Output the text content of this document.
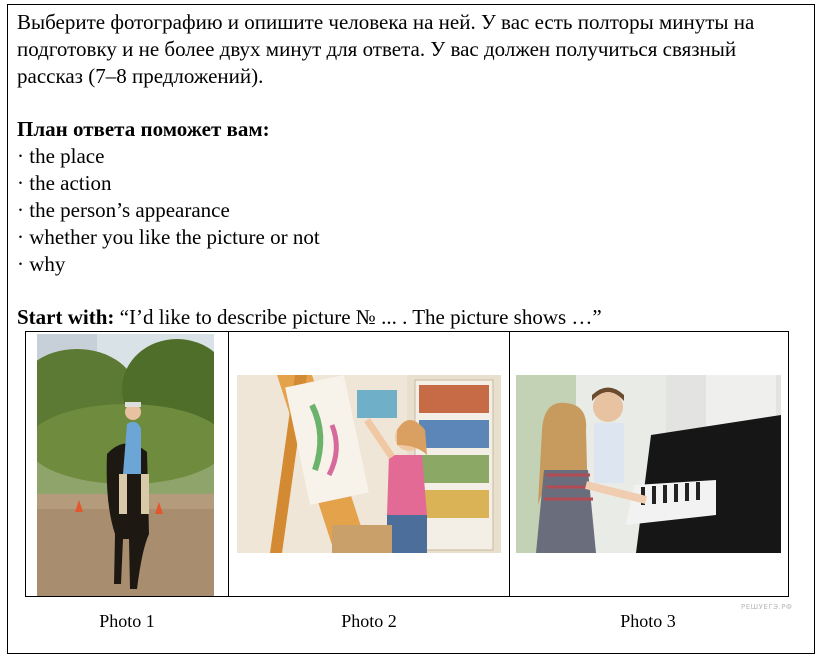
Выберите фотографию и опишите человека на ней. У вас есть полторы минуты на подготовку и не более двух минут для ответа. У вас должен получиться связный рассказ (7–8 предложений).

План ответа поможет вам:

· the place

· the action

· the person’s appearance

· whether you like the picture or not

· why

Start with: “I’d like to describe picture № ... . The picture shows …”

Photo 1	Photo 2	Photo 3
РЕШУЕГЭ.РФ
